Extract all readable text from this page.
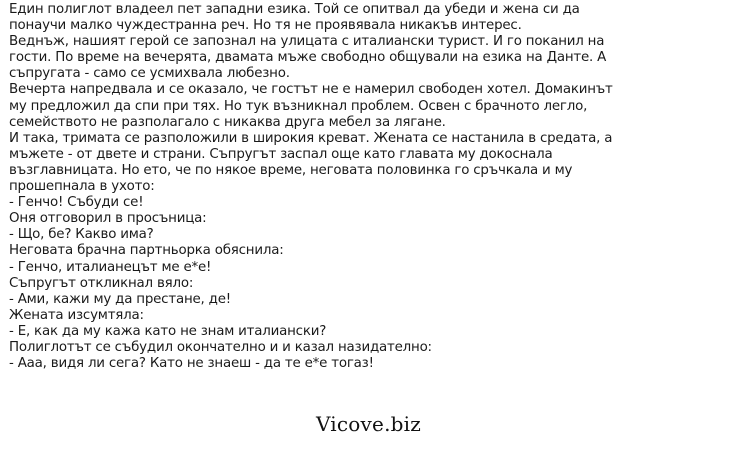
Един полиглот владеел пет западни езика. Той се опитвал да убеди и жена си да
понаучи малко чуждестранна реч. Но тя не проявявала никакъв интерес.
Веднъж, нашият герой се запознал на улицата с италиански турист. И го поканил на
гости. По време на вечерята, двамата мъже свободно общували на езика на Данте. А
съпругата - само се усмихвала любезно.
Вечерта напредвала и се оказало, че гостът не е намерил свободен хотел. Домакинът
му предложил да спи при тях. Но тук възникнал проблем. Освен с брачното легло,
семейството не разполагало с никаква друга мебел за лягане.
И така, тримата се разположили в широкия креват. Жената се настанила в средата, а
мъжете - от двете и страни. Съпругът заспал още като главата му докоснала
възглавницата. Но ето, че по някое време, неговата половинка го сръчкала и му
прошепнала в ухото:
- Генчо! Събуди се!
Оня отговорил в просъница:
- Що, бе? Какво има?
Неговата брачна партньорка обяснила:
- Генчо, италианецът ме е*е!
Съпругът откликнал вяло:
- Ами, кажи му да престане, де!
Жената изсумтяла:
- Е, как да му кажа като не знам италиански?
Полиглотът се събудил окончателно и и казал назидателно:
- Ааа, видя ли сега? Като не знаеш - да те е*е тогаз!
Vicove.biz
